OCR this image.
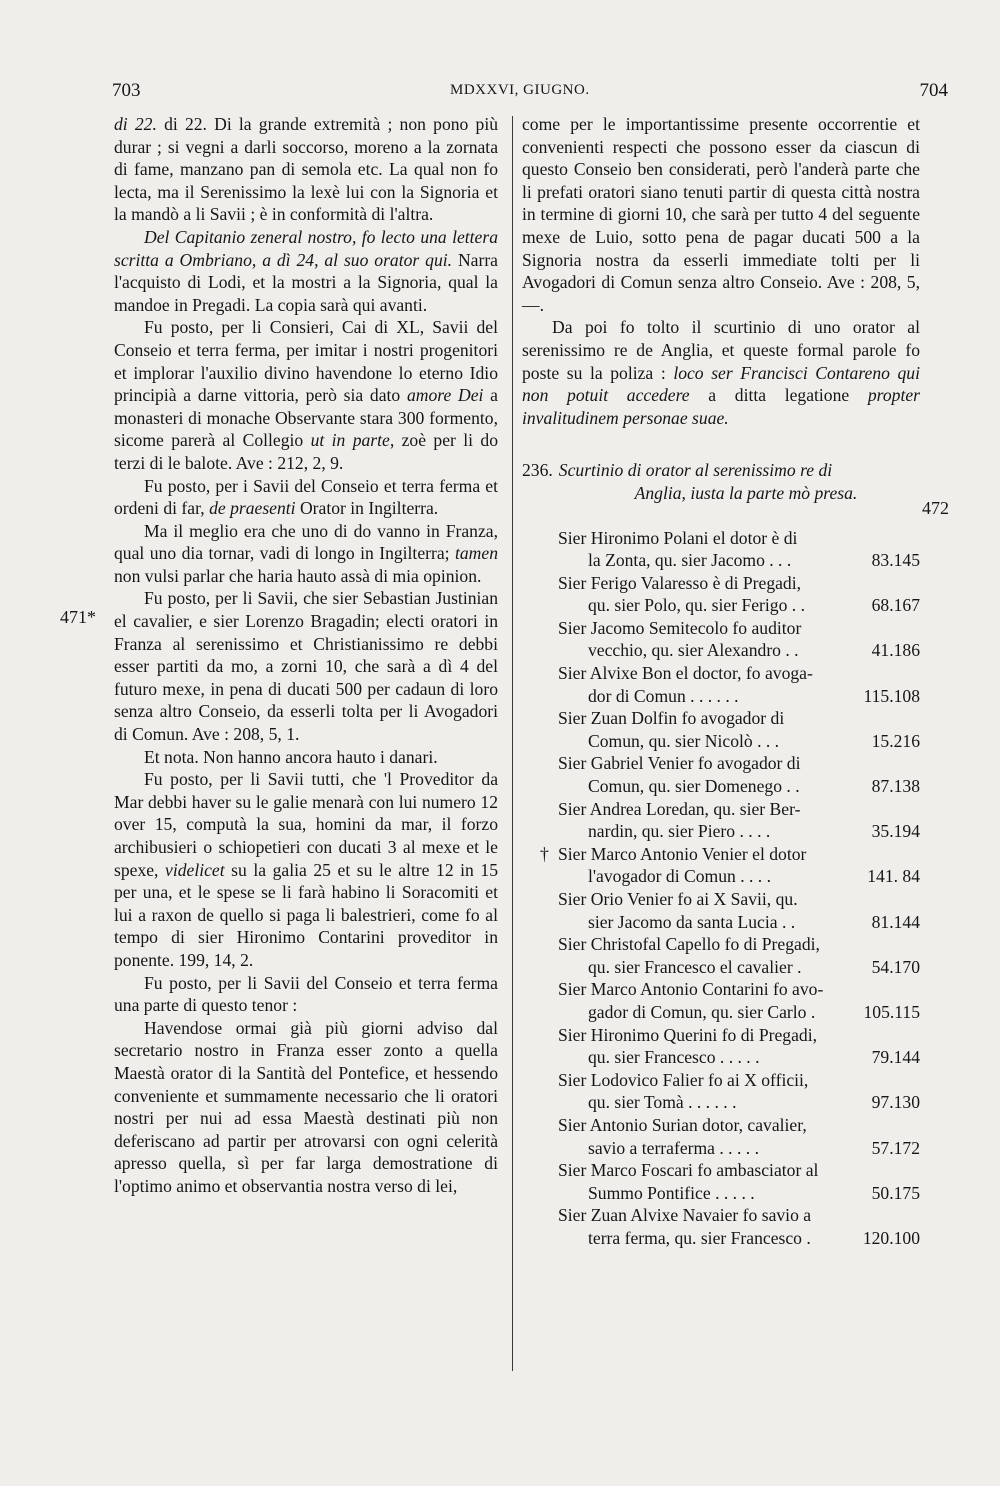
703	MDXXVI, GIUGNO.	704
471*
472

di 22. di 22. Di la grande extremità ; non pono più durar ; si vegni a darli soccorso, moreno a la zornata di fame, manzano pan di semola etc. La qual non fo lecta, ma il Serenissimo la lexè lui con la Signoria et la mandò a li Savii ; è in conformità di l'altra.

Del Capitanio zeneral nostro, fo lecto una lettera scritta a Ombriano, a dì 24, al suo orator qui. Narra l'acquisto di Lodi, et la mostri a la Signoria, qual la mandoe in Pregadi. La copia sarà qui avanti.

Fu posto, per li Consieri, Cai di XL, Savii del Conseio et terra ferma, per imitar i nostri progenitori et implorar l'auxilio divino havendone lo eterno Idio principià a darne vittoria, però sia dato amore Dei a monasteri di monache Observante stara 300 formento, sicome parerà al Collegio ut in parte, zoè per li do terzi di le balote. Ave : 212, 2, 9.

Fu posto, per i Savii del Conseio et terra ferma et ordeni di far, de praesenti Orator in Ingilterra.

Ma il meglio era che uno di do vanno in Franza, qual uno dia tornar, vadi di longo in Ingilterra; tamen non vulsi parlar che haria hauto assà di mia opinion.

Fu posto, per li Savii, che sier Sebastian Justinian el cavalier, e sier Lorenzo Bragadin; electi oratori in Franza al serenissimo et Christianissimo re debbi esser partiti da mo, a zorni 10, che sarà a dì 4 del futuro mexe, in pena di ducati 500 per cadaun di loro senza altro Conseio, da esserli tolta per li Avogadori di Comun. Ave : 208, 5, 1.

Et nota. Non hanno ancora hauto i danari.

Fu posto, per li Savii tutti, che 'l Proveditor da Mar debbi haver su le galie menarà con lui numero 12 over 15, computà la sua, homini da mar, il forzo archibusieri o schiopetieri con ducati 3 al mexe et le spexe, videlicet su la galia 25 et su le altre 12 in 15 per una, et le spese se li farà habino li Soracomiti et lui a raxon de quello si paga li balestrieri, come fo al tempo di sier Hironimo Contarini proveditor in ponente. 199, 14, 2.

Fu posto, per li Savii del Conseio et terra ferma una parte di questo tenor :

Havendose ormai già più giorni adviso dal secretario nostro in Franza esser zonto a quella Maestà orator di la Santità del Pontefice, et hessendo conveniente et summamente necessario che li oratori nostri per nui ad essa Maestà destinati più non deferiscano ad partir per atrovarsi con ogni celerità apresso quella, sì per far larga demostratione di l'optimo animo et observantia nostra verso di lei,

come per le importantissime presente occorrentie et convenienti respecti che possono esser da ciascun di questo Conseio ben considerati, però l'anderà parte che li prefati oratori siano tenuti partir di questa città nostra in termine di giorni 10, che sarà per tutto 4 del seguente mexe de Luio, sotto pena de pagar ducati 500 a la Signoria nostra da esserli immediate tolti per li Avogadori di Comun senza altro Conseio. Ave : 208, 5, —.

Da poi fo tolto il scurtinio di uno orator al serenissimo re de Anglia, et queste formal parole fo poste su la poliza : loco ser Francisci Contareno qui non potuit accedere a ditta legatione propter invalitudinem personae suae.

236. Scurtinio di orator al serenissimo re di
Anglia, iusta la parte mò presa.

Sier Hironimo Polani el dotor è di
la Zonta, qu. sier Jacomo . . .	83.145
Sier Ferigo Valaresso è di Pregadi,
qu. sier Polo, qu. sier Ferigo . .	68.167
Sier Jacomo Semitecolo fo auditor
vecchio, qu. sier Alexandro . .	41.186
Sier Alvixe Bon el doctor, fo avoga-
dor di Comun . . . . . .	115.108
Sier Zuan Dolfin fo avogador di
Comun, qu. sier Nicolò . . .	15.216
Sier Gabriel Venier fo avogador di
Comun, qu. sier Domenego . .	87.138
Sier Andrea Loredan, qu. sier Ber-
nardin, qu. sier Piero . . . .	35.194
† Sier Marco Antonio Venier el dotor
l'avogador di Comun . . . .	141. 84
Sier Orio Venier fo ai X Savii, qu.
sier Jacomo da santa Lucia . .	81.144
Sier Christofal Capello fo di Pregadi,
qu. sier Francesco el cavalier .	54.170
Sier Marco Antonio Contarini fo avo-
gador di Comun, qu. sier Carlo .	105.115
Sier Hironimo Querini fo di Pregadi,
qu. sier Francesco . . . . .	79.144
Sier Lodovico Falier fo ai X officii,
qu. sier Tomà . . . . . .	97.130
Sier Antonio Surian dotor, cavalier,
savio a terraferma . . . . .	57.172
Sier Marco Foscari fo ambasciator al
Summo Pontifice . . . . .	50.175
Sier Zuan Alvixe Navaier fo savio a
terra ferma, qu. sier Francesco .	120.100
